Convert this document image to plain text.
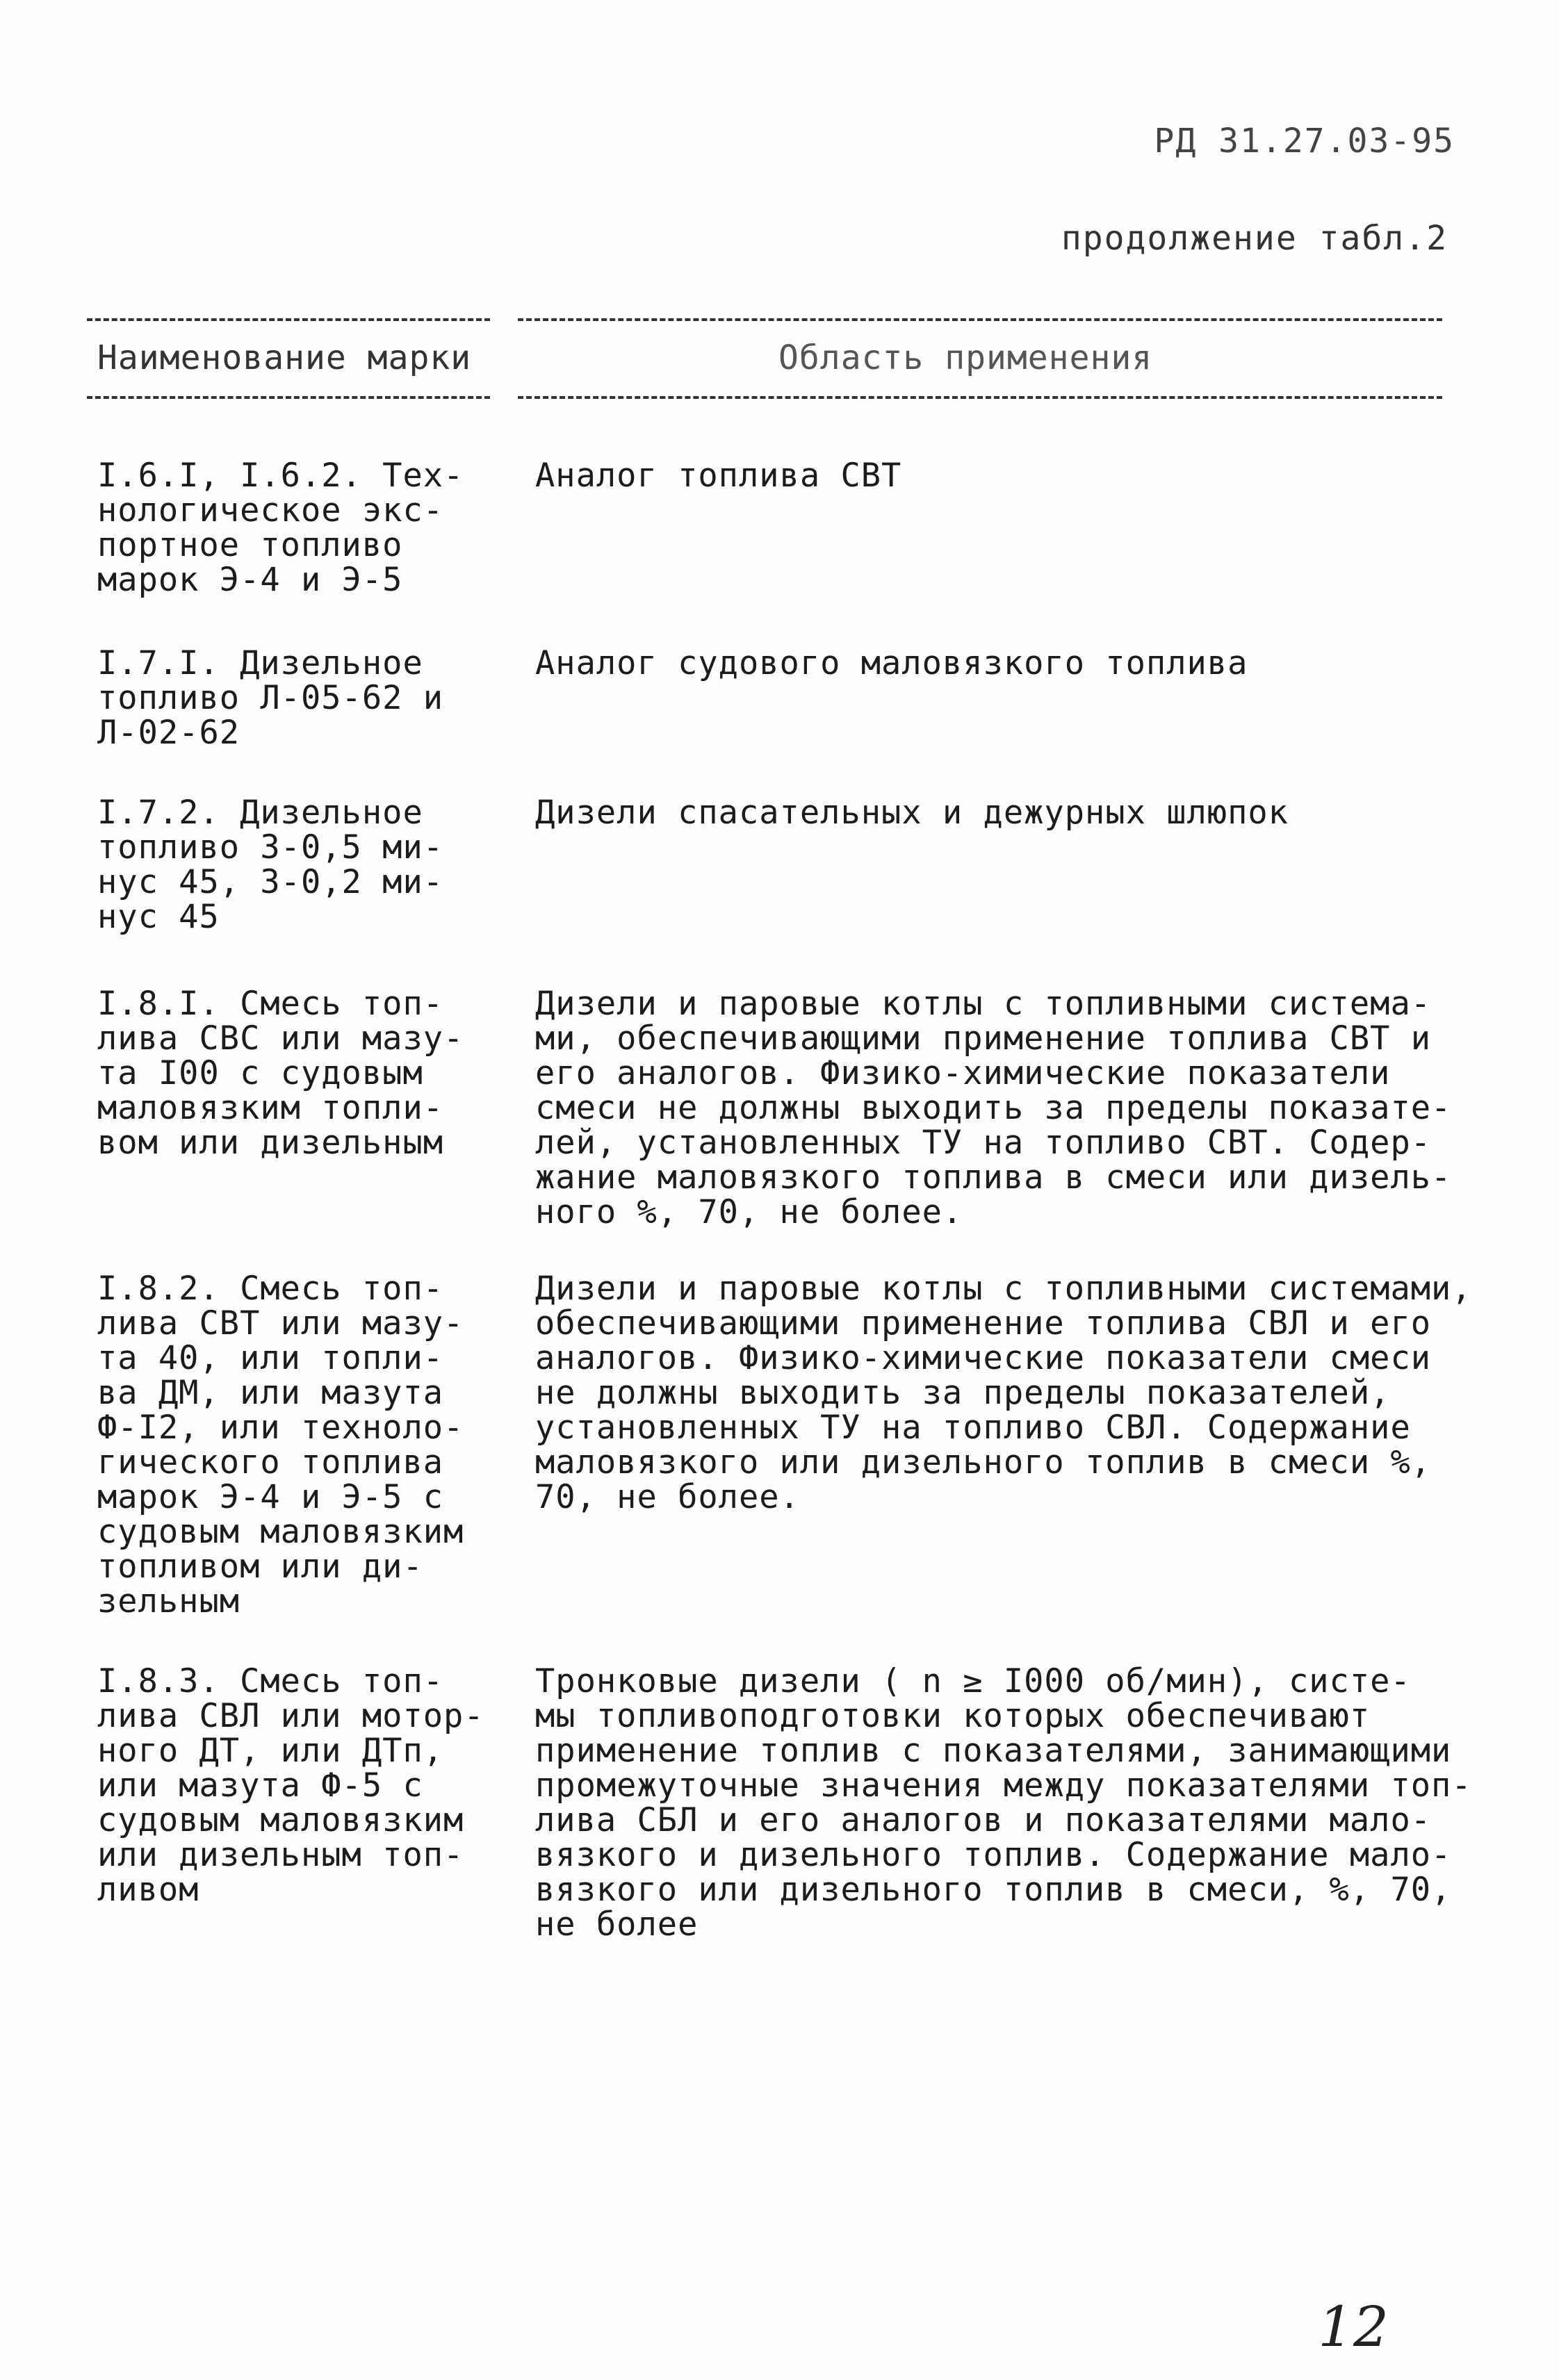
РД 31.27.03-95
продолжение табл.2
Наименование марки	Область применения
I.6.I, I.6.2. Тех-
нологическое экс-
портное топливо
марок Э-4 и Э-5
Аналог топлива СВТ
I.7.I. Дизельное
топливо Л-05-62 и
Л-02-62
Аналог судового маловязкого топлива
I.7.2. Дизельное
топливо 3-0,5 ми-
нус 45, 3-0,2 ми-
нус 45
Дизели спасательных и дежурных шлюпок
I.8.I. Смесь топ-
лива СВС или мазу-
та I00 с судовым
маловязким топли-
вом или дизельным
Дизели и паровые котлы с топливными система-
ми, обеспечивающими применение топлива СВТ и
его аналогов. Физико-химические показатели
смеси не должны выходить за пределы показате-
лей, установленных ТУ на топливо СВТ. Содер-
жание маловязкого топлива в смеси или дизель-
ного %, 70, не более.
I.8.2. Смесь топ-
лива СВТ или мазу-
та 40, или топли-
ва ДМ, или мазута
Ф-I2, или техноло-
гического топлива
марок Э-4 и Э-5 с
судовым маловязким
топливом или ди-
зельным
Дизели и паровые котлы с топливными системами,
обеспечивающими применение топлива СВЛ и его
аналогов. Физико-химические показатели смеси
не должны выходить за пределы показателей,
установленных ТУ на топливо СВЛ. Содержание
маловязкого или дизельного топлив в смеси %,
70, не более.
I.8.3. Смесь топ-
лива СВЛ или мотор-
ного ДТ, или ДТп,
или мазута Ф-5 с
судовым маловязким
или дизельным топ-
ливом
Тронковые дизели ( n ≥ I000 об/мин), систе-
мы топливоподготовки которых обеспечивают
применение топлив с показателями, занимающими
промежуточные значения между показателями топ-
лива СБЛ и его аналогов и показателями мало-
вязкого и дизельного топлив. Содержание мало-
вязкого или дизельного топлив в смеси, %, 70,
не более
12
